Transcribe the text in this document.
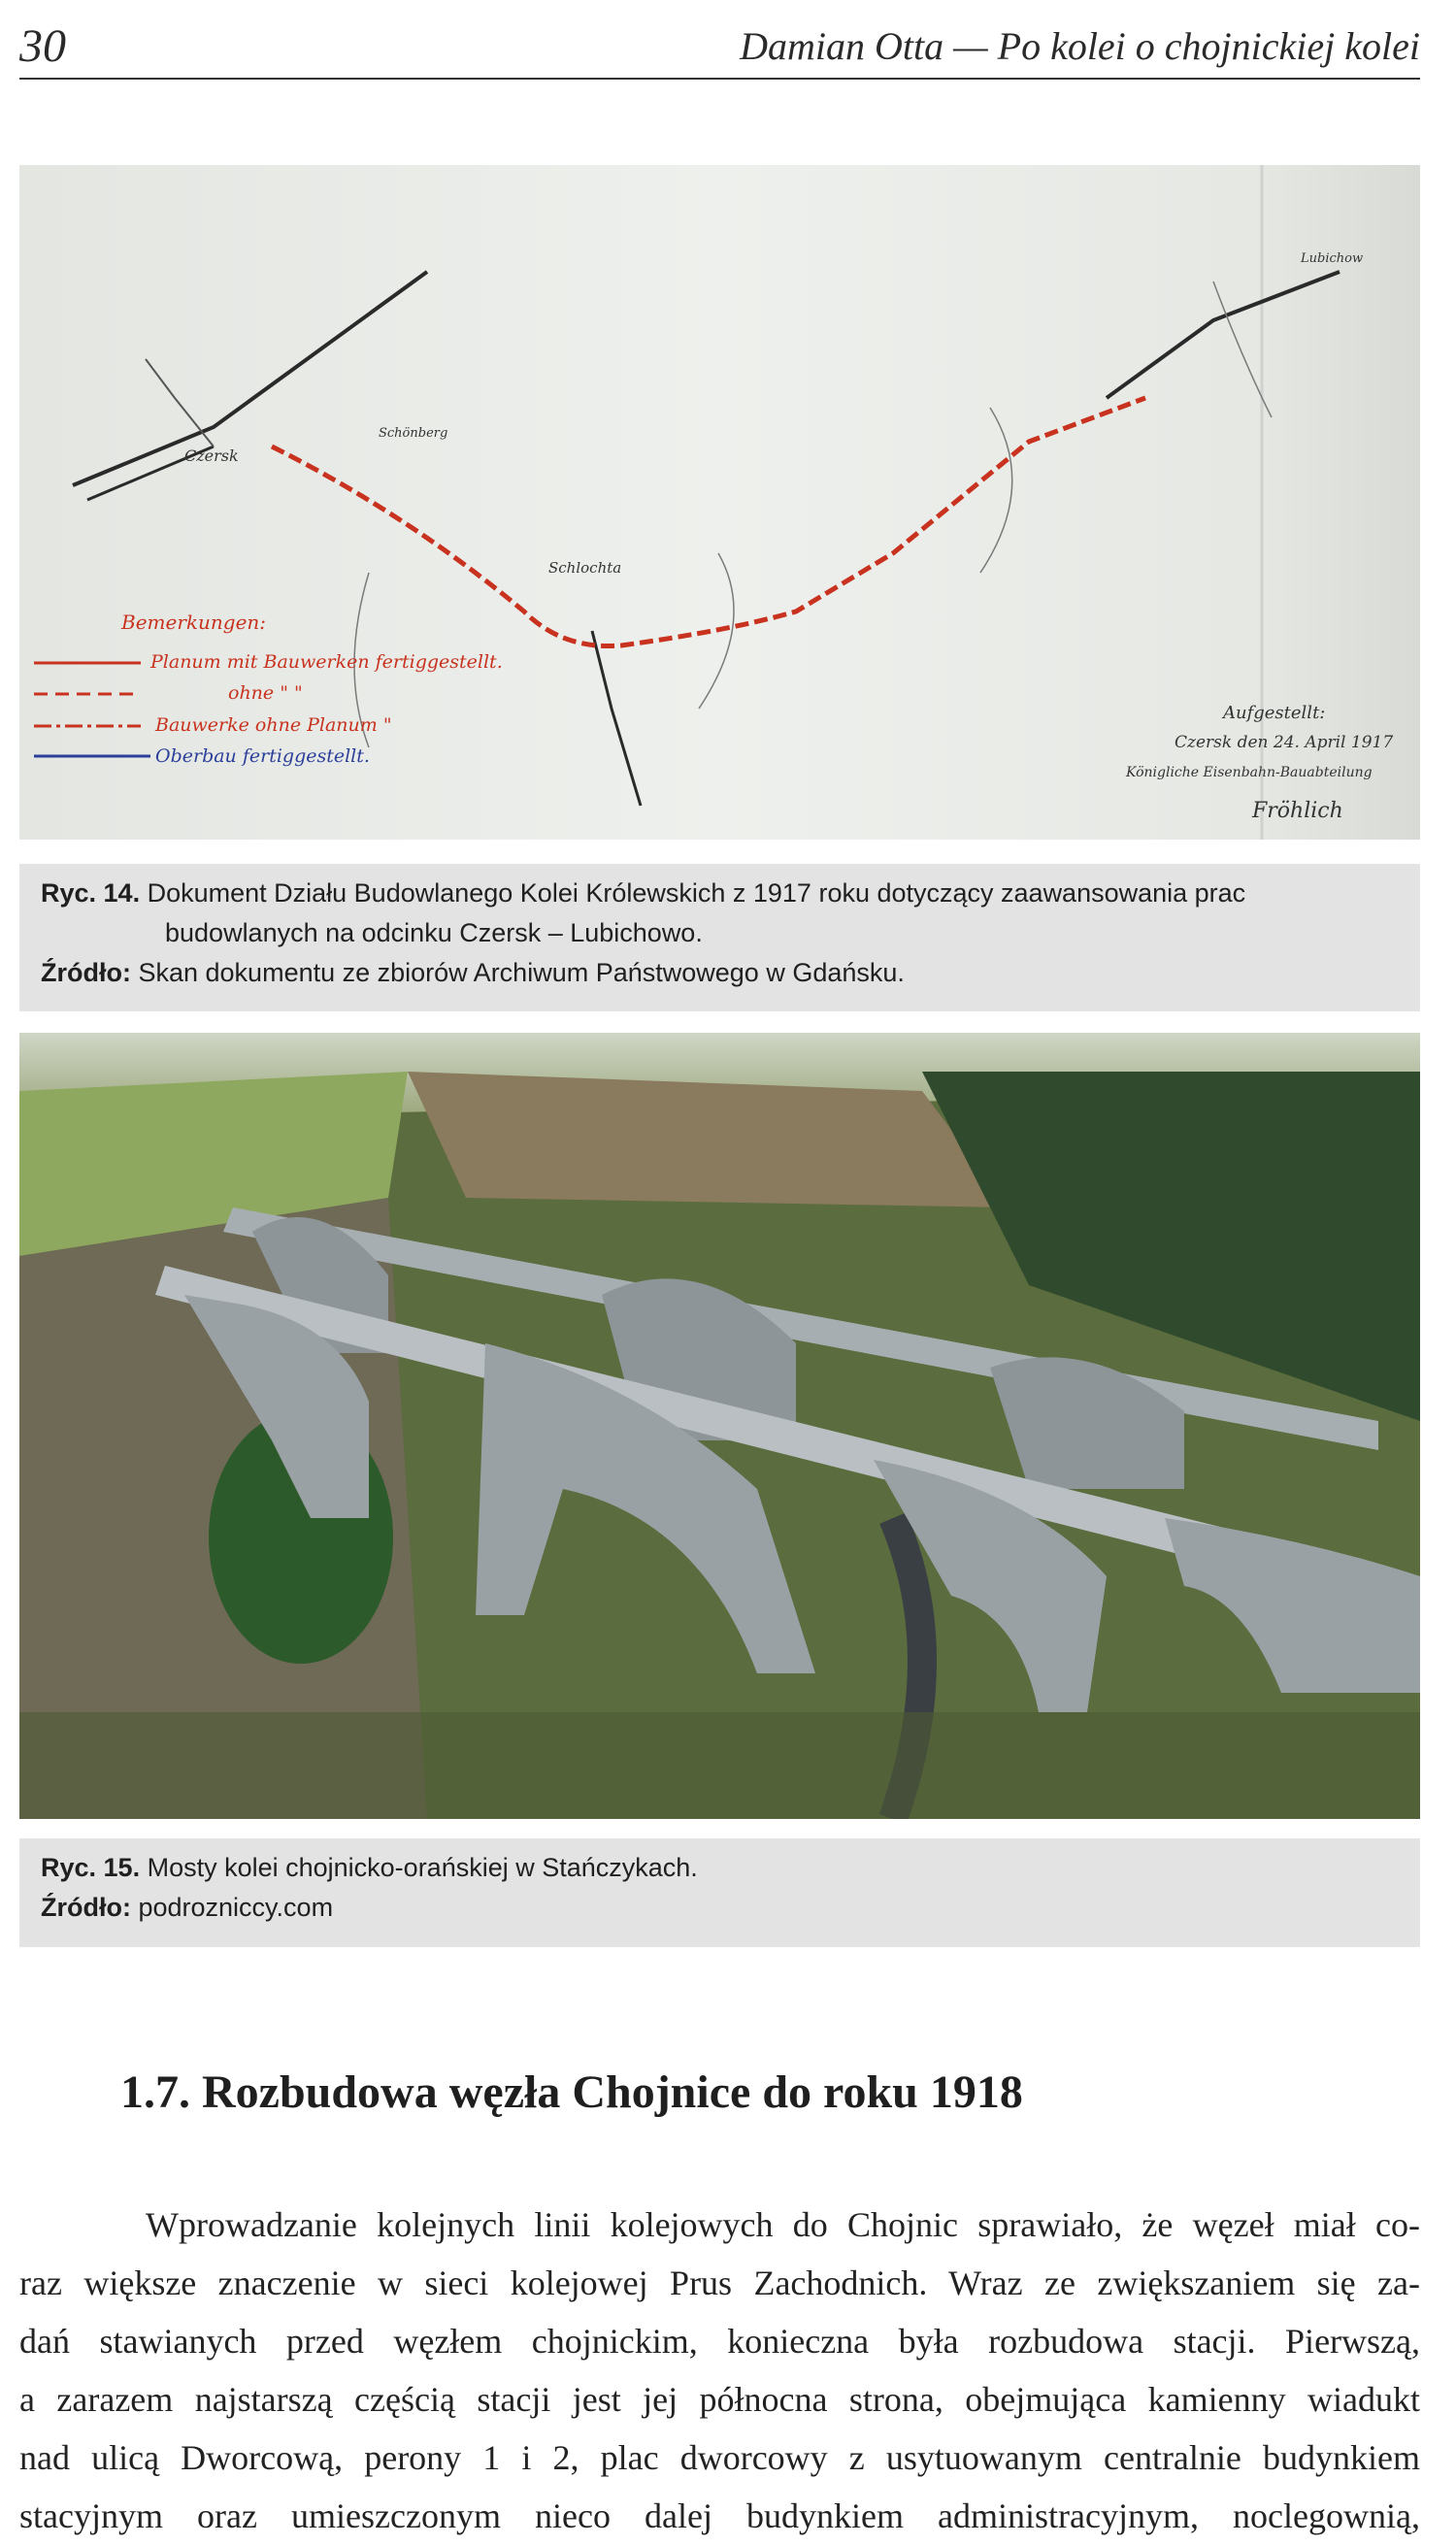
30	Damian Otta — Po kolei o chojnickiej kolei
Czersk
Schönberg
Lubichow
Schlochta
Bemerkungen:
Planum mit Bauwerken fertiggestellt.
ohne " "
Bauwerke ohne Planum "
Oberbau fertiggestellt.
Aufgestellt:
Czersk den 24. April 1917
Königliche Eisenbahn-Bauabteilung
Fröhlich
Ryc. 14. Dokument Działu Budowlanego Kolei Królewskich z 1917 roku dotyczący zaawansowania prac
budowlanych na odcinku Czersk – Lubichowo.
Źródło: Skan dokumentu ze zbiorów Archiwum Państwowego w Gdańsku.
Ryc. 15. Mosty kolei chojnicko-orańskiej w Stańczykach.
Źródło: podrozniccy.com
1.7. Rozbudowa węzła Chojnice do roku 1918
Wprowadzanie kolejnych linii kolejowych do Chojnic sprawiało, że węzeł miał co-
raz większe znaczenie w sieci kolejowej Prus Zachodnich. Wraz ze zwiększaniem się za-
dań stawianych przed węzłem chojnickim, konieczna była rozbudowa stacji. Pierwszą,
a zarazem najstarszą częścią stacji jest jej północna strona, obejmująca kamienny wiadukt
nad ulicą Dworcową, perony 1 i 2, plac dworcowy z usytuowanym centralnie budynkiem
stacyjnym oraz umieszczonym nieco dalej budynkiem administracyjnym, noclegownią,
